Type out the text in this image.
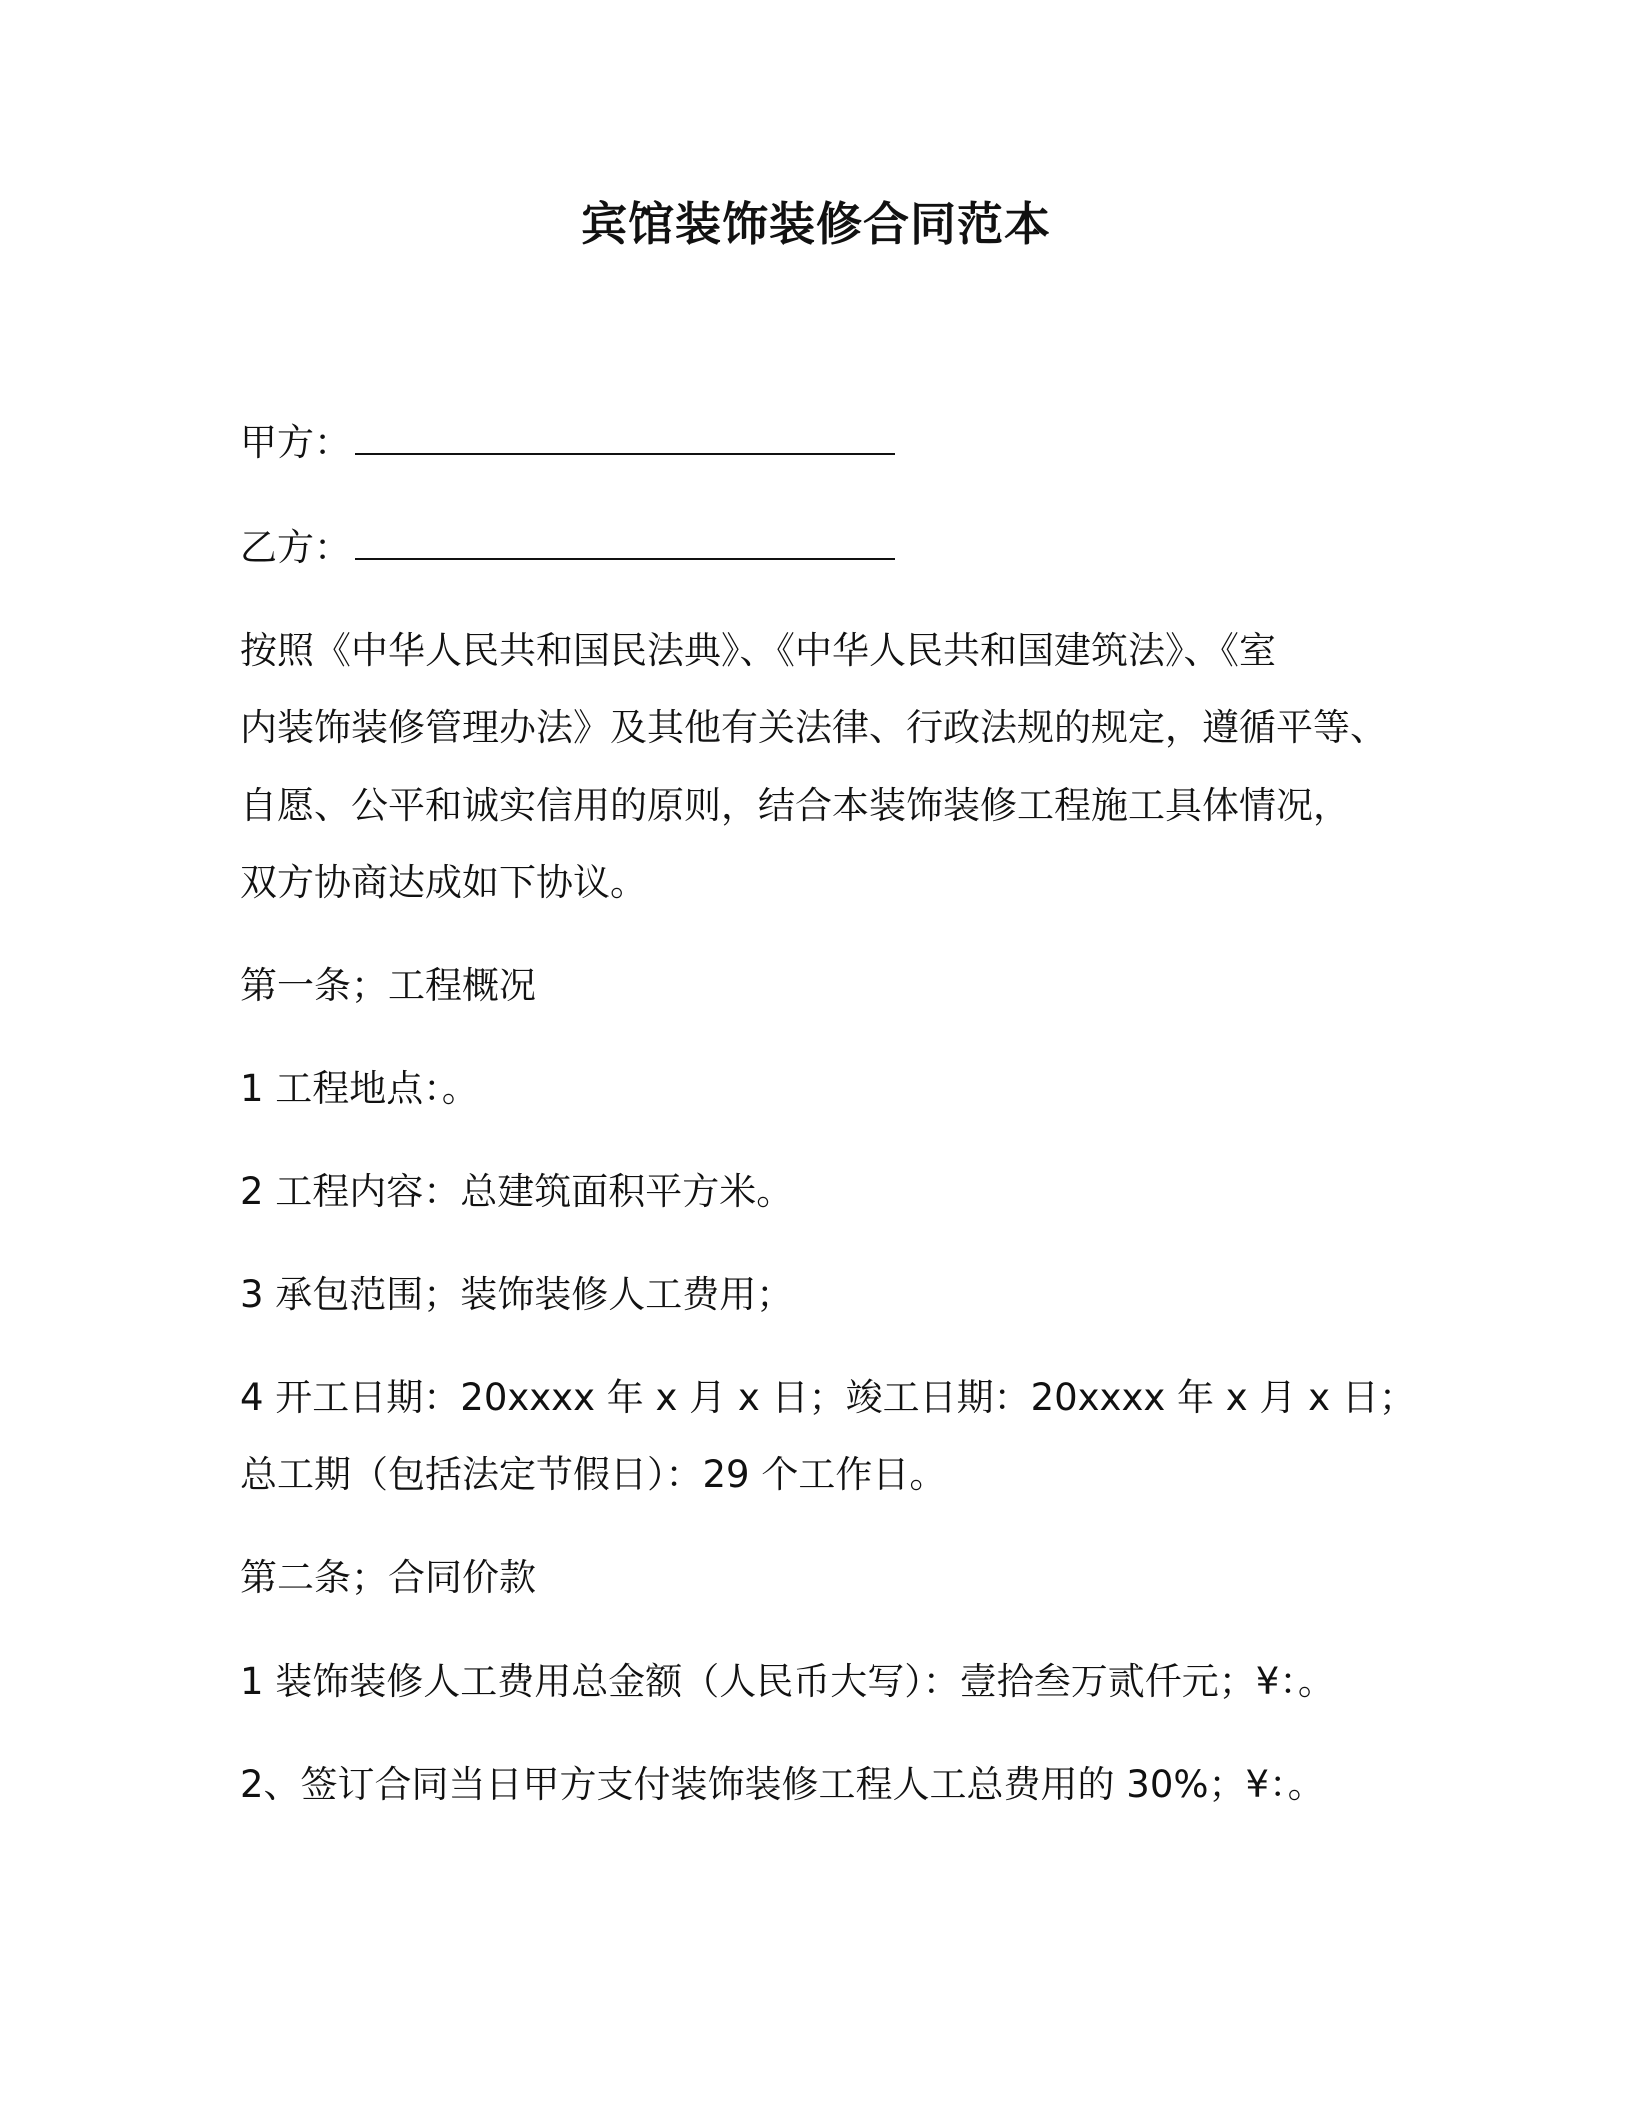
宾馆装饰装修合同范本
甲方：
乙方：
按照《中华人民共和国民法典》、《中华人民共和国建筑法》、《室
内装饰装修管理办法》及其他有关法律、行政法规的规定，遵循平等、
自愿、公平和诚实信用的原则，结合本装饰装修工程施工具体情况，
双方协商达成如下协议。
第一条；工程概况
1 工程地点：。
2 工程内容：总建筑面积平方米。
3 承包范围；装饰装修人工费用；
4 开工日期：20xxxx 年 x 月 x 日；竣工日期：20xxxx 年 x 月 x 日；
总工期（包括法定节假日）：29 个工作日。
第二条；合同价款
1 装饰装修人工费用总金额（人民币大写）：壹拾叁万贰仟元；¥：。
2、签订合同当日甲方支付装饰装修工程人工总费用的 30%；¥：。
